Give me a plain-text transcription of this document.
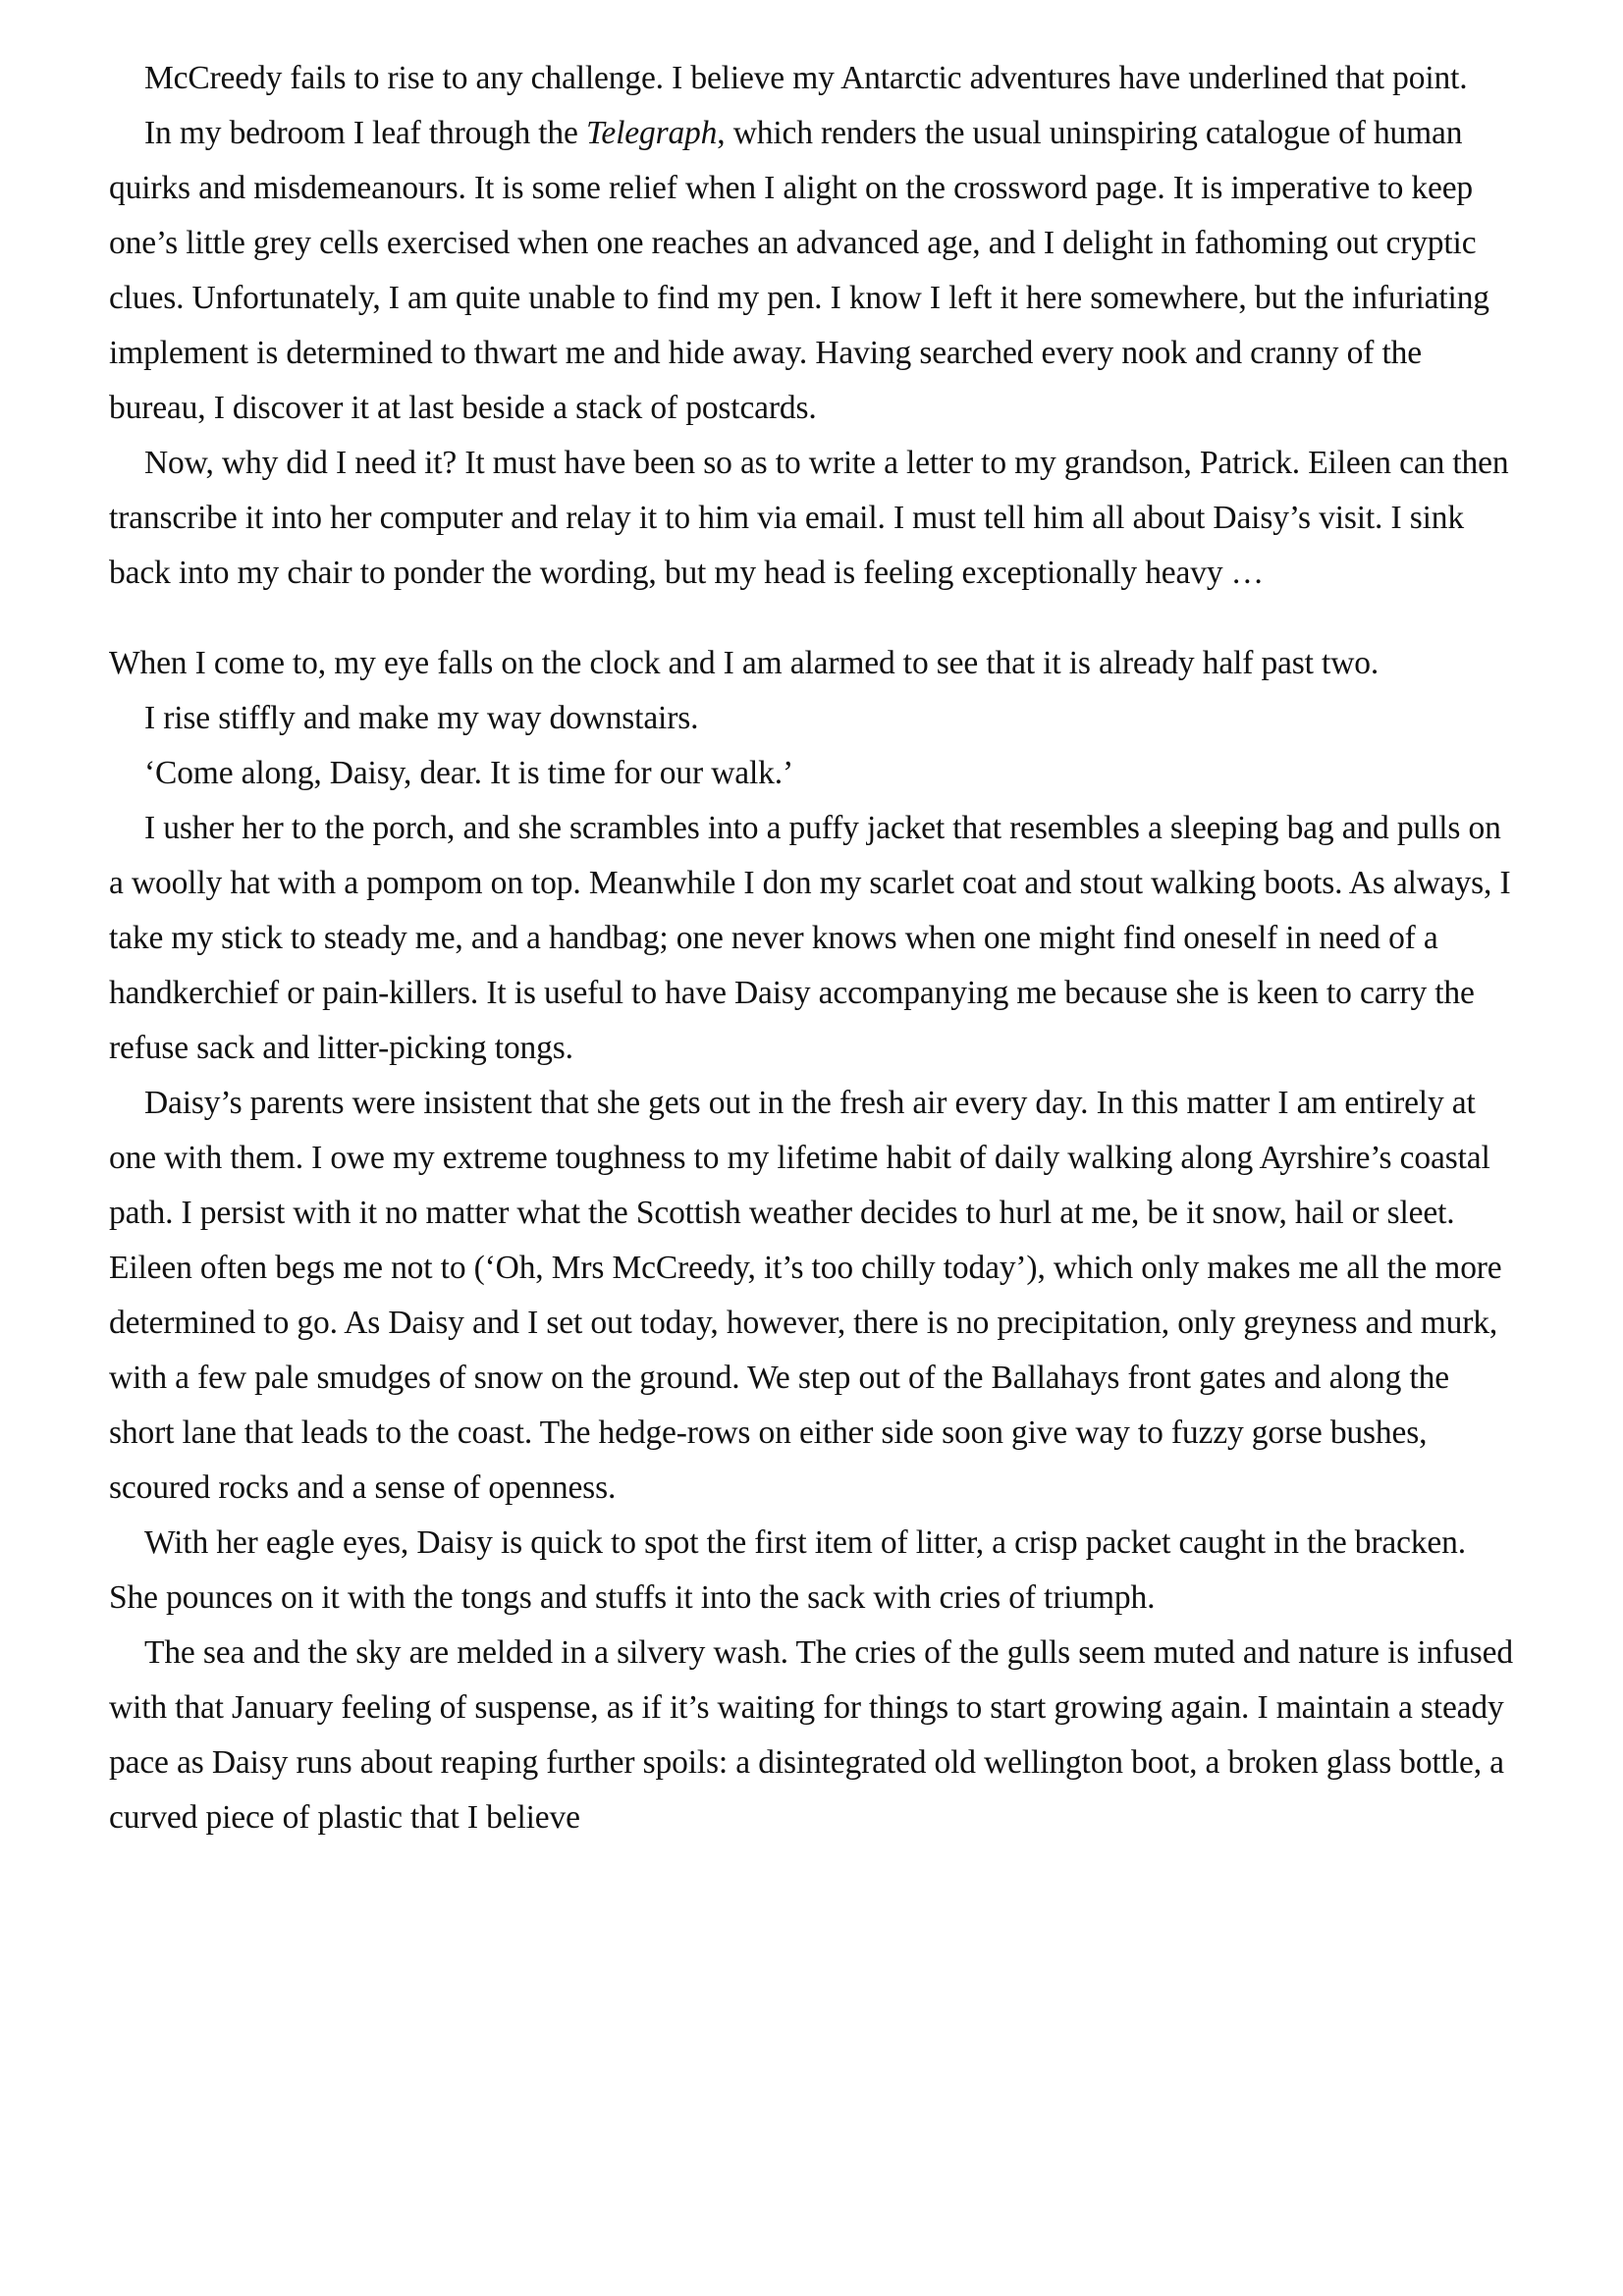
McCreedy fails to rise to any challenge. I believe my Antarctic adventures have underlined that point.

In my bedroom I leaf through the Telegraph, which renders the usual uninspiring catalogue of human quirks and misdemeanours. It is some relief when I alight on the crossword page. It is imperative to keep one’s little grey cells exercised when one reaches an advanced age, and I delight in fathoming out cryptic clues. Unfortunately, I am quite unable to find my pen. I know I left it here somewhere, but the infuriating implement is determined to thwart me and hide away. Having searched every nook and cranny of the bureau, I discover it at last beside a stack of postcards.

Now, why did I need it? It must have been so as to write a letter to my grandson, Patrick. Eileen can then transcribe it into her computer and relay it to him via email. I must tell him all about Daisy’s visit. I sink back into my chair to ponder the wording, but my head is feeling exceptionally heavy …

When I come to, my eye falls on the clock and I am alarmed to see that it is already half past two.

I rise stiffly and make my way downstairs.

‘Come along, Daisy, dear. It is time for our walk.’

I usher her to the porch, and she scrambles into a puffy jacket that resembles a sleeping bag and pulls on a woolly hat with a pompom on top. Meanwhile I don my scarlet coat and stout walking boots. As always, I take my stick to steady me, and a handbag; one never knows when one might find oneself in need of a handkerchief or pain-killers. It is useful to have Daisy accompanying me because she is keen to carry the refuse sack and litter-picking tongs.

Daisy’s parents were insistent that she gets out in the fresh air every day. In this matter I am entirely at one with them. I owe my extreme toughness to my lifetime habit of daily walking along Ayrshire’s coastal path. I persist with it no matter what the Scottish weather decides to hurl at me, be it snow, hail or sleet. Eileen often begs me not to (‘Oh, Mrs McCreedy, it’s too chilly today’), which only makes me all the more determined to go. As Daisy and I set out today, however, there is no precipitation, only greyness and murk, with a few pale smudges of snow on the ground. We step out of the Ballahays front gates and along the short lane that leads to the coast. The hedge-rows on either side soon give way to fuzzy gorse bushes, scoured rocks and a sense of openness.

With her eagle eyes, Daisy is quick to spot the first item of litter, a crisp packet caught in the bracken. She pounces on it with the tongs and stuffs it into the sack with cries of triumph.

The sea and the sky are melded in a silvery wash. The cries of the gulls seem muted and nature is infused with that January feeling of suspense, as if it’s waiting for things to start growing again. I maintain a steady pace as Daisy runs about reaping further spoils: a disintegrated old wellington boot, a broken glass bottle, a curved piece of plastic that I believe
